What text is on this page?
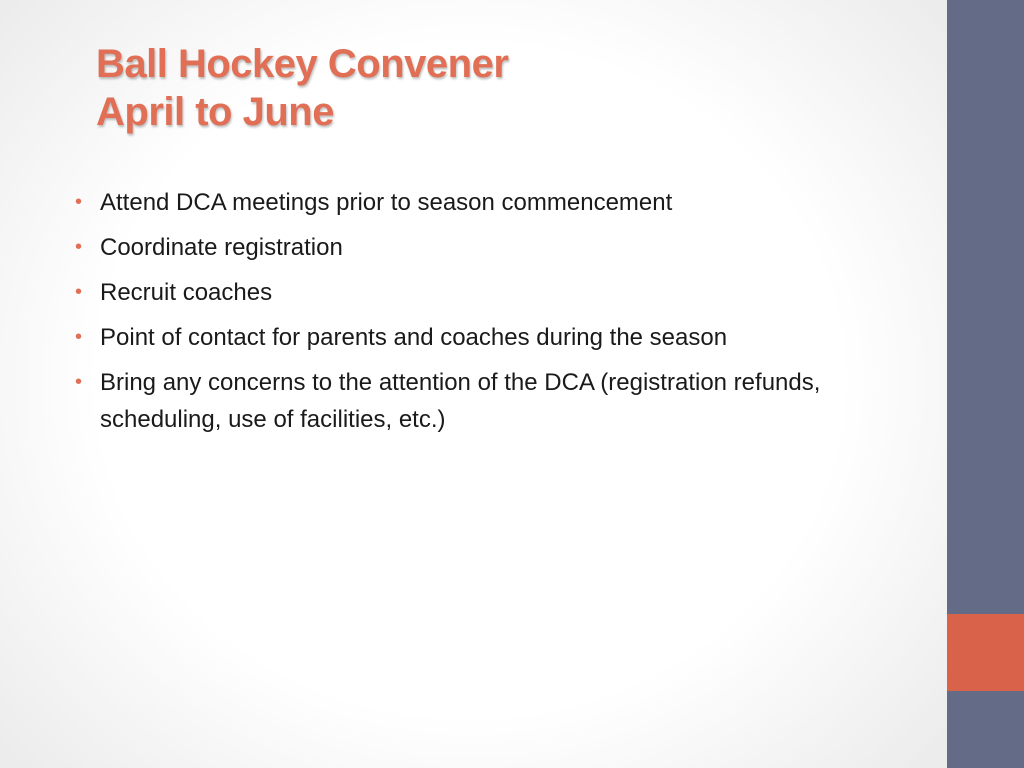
Ball Hockey Convener
April to June
• Attend DCA meetings prior to season commencement
• Coordinate registration
• Recruit coaches
• Point of contact for parents and coaches during the season
• Bring any concerns to the attention of the DCA (registration refunds, scheduling, use of facilities, etc.)
